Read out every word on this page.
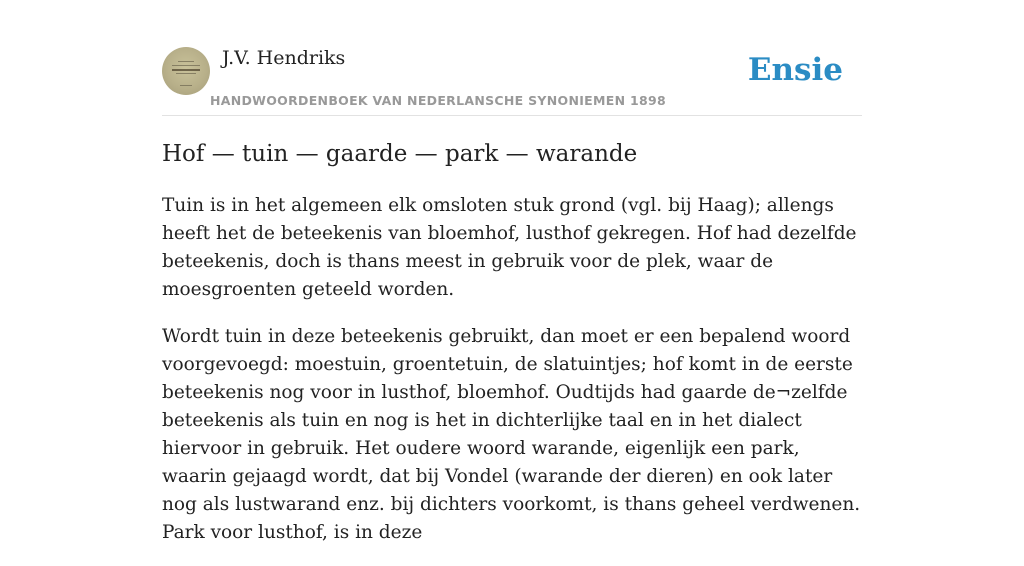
J.V. Hendriks
HANDWOORDENBOEK VAN NEDERLANSCHE SYNONIEMEN 1898
Ensie
Hof — tuin — gaarde — park — warande

Tuin is in het algemeen elk omsloten stuk grond (vgl. bij Haag); allengs heeft het de beteekenis van bloemhof, lusthof gekregen. Hof had dezelfde beteekenis, doch is thans meest in gebruik voor de plek, waar de moesgroenten geteeld worden.

Wordt tuin in deze beteekenis gebruikt, dan moet er een bepalend woord voorgevoegd: moestuin, groentetuin, de slatuintjes; hof komt in de eerste beteekenis nog voor in lusthof, bloemhof. Oudtijds had gaarde de¬zelfde beteekenis als tuin en nog is het in dichterlijke taal en in het dialect hiervoor in gebruik. Het oudere woord warande, eigenlijk een park, waarin gejaagd wordt, dat bij Vondel (warande der dieren) en ook later nog als lustwarand enz. bij dichters voorkomt, is thans geheel verdwenen. Park voor lusthof, is in deze
